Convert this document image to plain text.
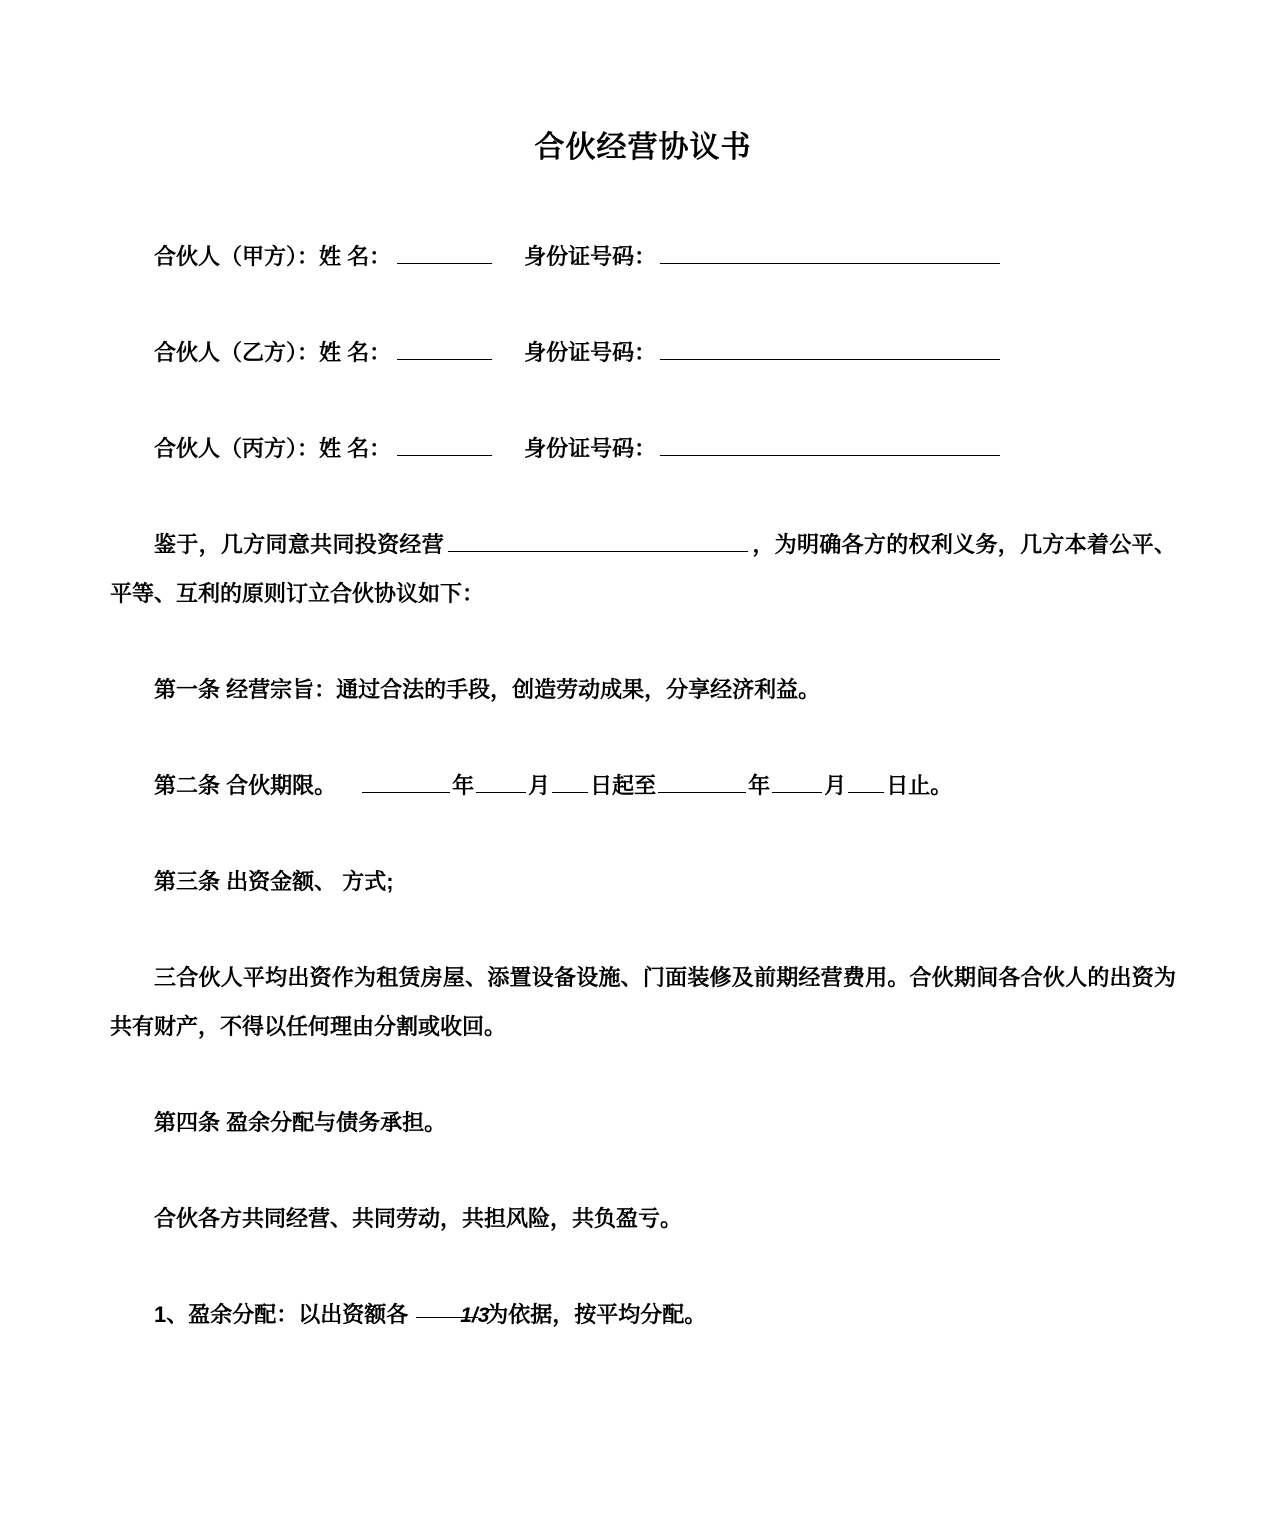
合伙经营协议书

合伙人（甲方）：姓 名：	身份证号码：

合伙人（乙方）：姓 名：	身份证号码：

合伙人（丙方）：姓 名：	身份证号码：

鉴于，几方同意共同投资经营	，为明确各方的权利义务，几方本着公平、平等、互利的原则订立合伙协议如下：

第一条 经营宗旨：通过合法的手段，创造劳动成果，分享经济利益。

第二条 合伙期限。	年 月 日起至	年 月 日止。

第三条 出资金额、 方式;

三合伙人平均出资作为租赁房屋、添置设备设施、门面装修及前期经营费用。合伙期间各合伙人的出资为共有财产，不得以任何理由分割或收回。

第四条 盈余分配与债务承担。

合伙各方共同经营、共同劳动，共担风险，共负盈亏。

1、盈余分配：以出资额各 1/3为依据，按平均分配。
